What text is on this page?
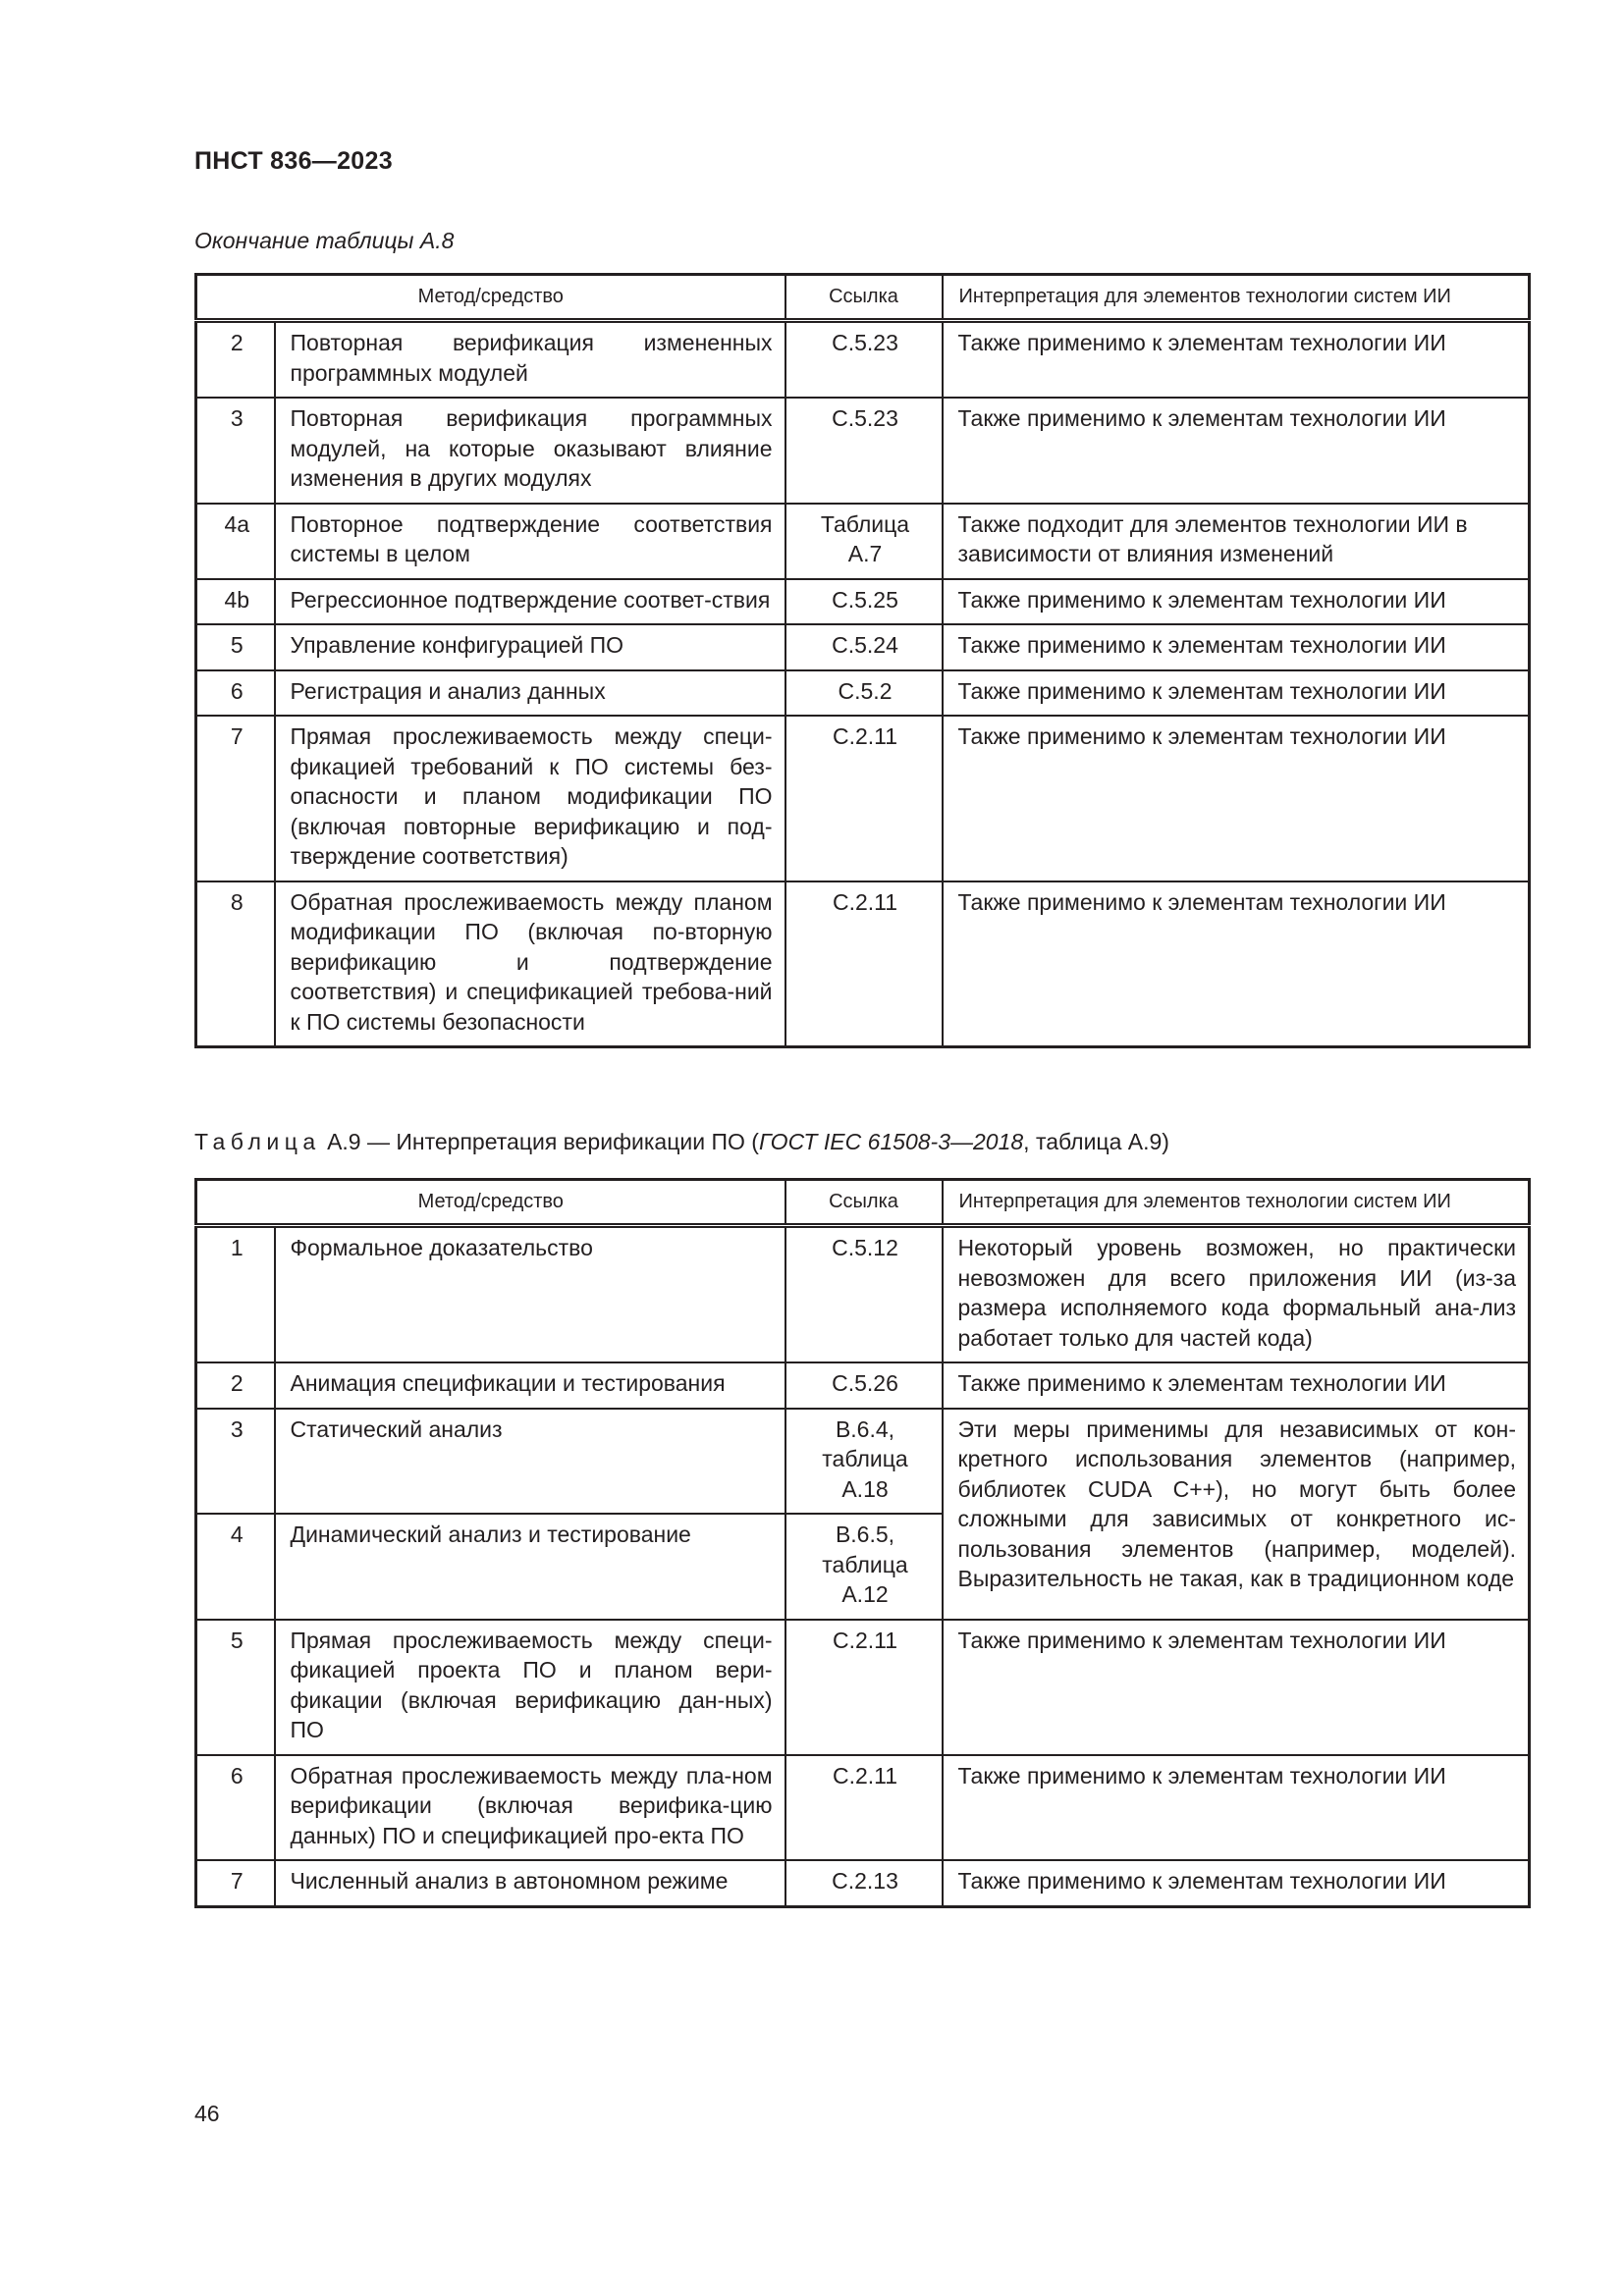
ПНСТ 836—2023
Окончание таблицы А.8
Метод/средство		Ссылка	Интерпретация для элементов технологии систем ИИ
2	Повторная верификация измененных программных модулей	C.5.23	Также применимо к элементам технологии ИИ
3	Повторная верификация программных модулей, на которые оказывают влияние изменения в других модулях	C.5.23	Также применимо к элементам технологии ИИ
4a	Повторное подтверждение соответствия системы в целом	Таблица А.7	Также подходит для элементов технологии ИИ в зависимости от влияния изменений
4b	Регрессионное подтверждение соответ-ствия	C.5.25	Также применимо к элементам технологии ИИ
5	Управление конфигурацией ПО	C.5.24	Также применимо к элементам технологии ИИ
6	Регистрация и анализ данных	C.5.2	Также применимо к элементам технологии ИИ
7	Прямая прослеживаемость между специ-фикацией требований к ПО системы без-опасности и планом модификации ПО (включая повторные верификацию и под-тверждение соответствия)	C.2.11	Также применимо к элементам технологии ИИ
8	Обратная прослеживаемость между планом модификации ПО (включая по-вторную верификацию и подтверждение соответствия) и спецификацией требова-ний к ПО системы безопасности	C.2.11	Также применимо к элементам технологии ИИ
Таблица А.9 — Интерпретация верификации ПО (ГОСТ IEC 61508-3—2018, таблица А.9)
Метод/средство		Ссылка	Интерпретация для элементов технологии систем ИИ
1	Формальное доказательство	C.5.12	Некоторый уровень возможен, но практически невозможен для всего приложения ИИ (из-за размера исполняемого кода формальный ана-лиз работает только для частей кода)
2	Анимация спецификации и тестирования	C.5.26	Также применимо к элементам технологии ИИ
3	Статический анализ	В.6.4, таблица А.18	Эти меры применимы для независимых от кон-кретного использования элементов (например, библиотек CUDA C++), но могут быть более сложными для зависимых от конкретного ис-пользования элементов (например, моделей). Выразительность не такая, как в традиционном коде
4	Динамический анализ и тестирование	В.6.5, таблица А.12	
5	Прямая прослеживаемость между специ-фикацией проекта ПО и планом вери-фикации (включая верификацию дан-ных) ПО	C.2.11	Также применимо к элементам технологии ИИ
6	Обратная прослеживаемость между пла-ном верификации (включая верифика-цию данных) ПО и спецификацией про-екта ПО	C.2.11	Также применимо к элементам технологии ИИ
7	Численный анализ в автономном режиме	C.2.13	Также применимо к элементам технологии ИИ
46
